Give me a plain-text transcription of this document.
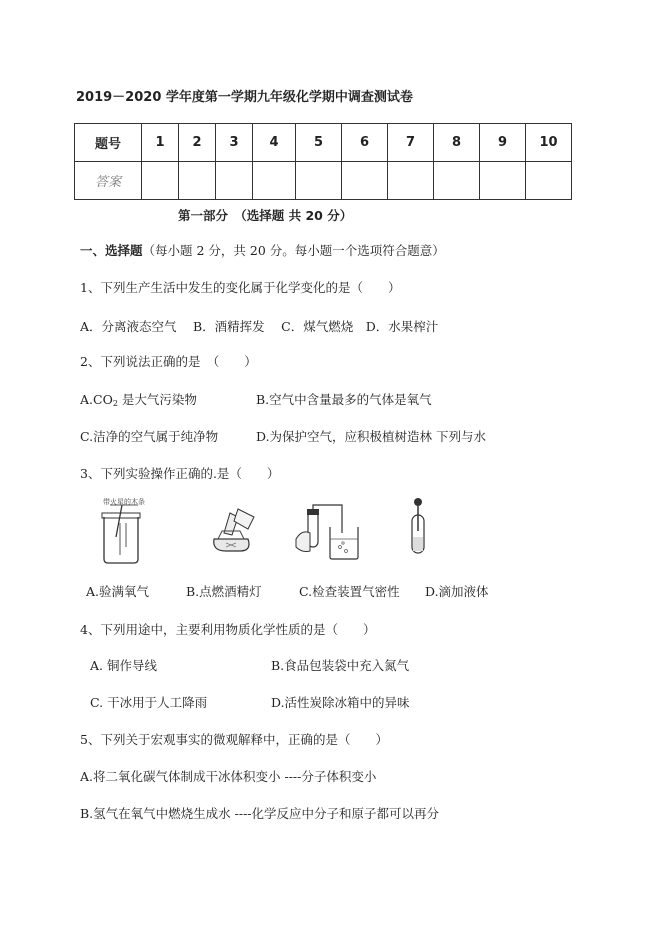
2019－2020 学年度第一学期九年级化学期中调查测试卷
题号	1	2	3	4	5	6	7	8	9	10
答案										
第一部分　（选择题 共 20 分）
一、选择题（每小题 2 分，共 20 分。每小题一个选项符合题意）
1、下列生产生活中发生的变化属于化学变化的是（　　）
A．分离液态空气　 B．酒精挥发　 C．煤气燃烧　D．水果榨汁
2、下列说法正确的是　（　　）
$A.CO_2$ 是大气污染物	B.空气中含量最多的气体是氧气
C.洁净的空气属于纯净物	D.为保护空气，应积极植树造林 下列与水
3、下列实验操作正确的.是（　　）
带火星的木条
A.验满氧气	B.点燃酒精灯	C.检查装置气密性 D.滴加液体
4、下列用途中，主要利用物质化学性质的是（　　）
A. 铜作导线	B.食品包装袋中充入氮气
C. 干冰用于人工降雨	D.活性炭除冰箱中的异味
5、下列关于宏观事实的微观解释中，正确的是（　　）
A.将二氧化碳气体制成干冰体积变小 ----分子体积变小
B.氢气在氧气中燃烧生成水 ----化学反应中分子和原子都可以再分
